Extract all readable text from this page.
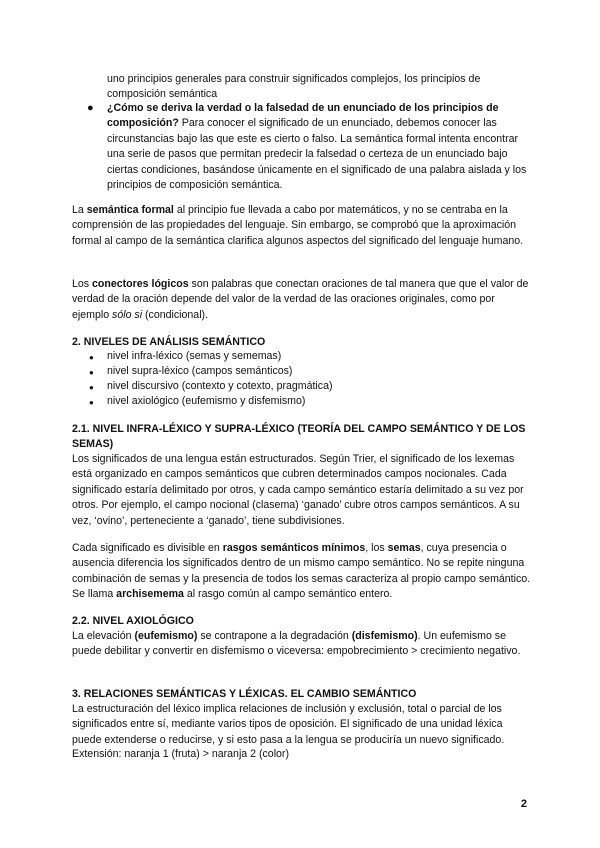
uno principios generales para construir significados complejos, los principios de composición semántica
● ¿Cómo se deriva la verdad o la falsedad de un enunciado de los principios de composición? Para conocer el significado de un enunciado, debemos conocer las circunstancias bajo las que este es cierto o falso. La semántica formal intenta encontrar una serie de pasos que permitan predecir la falsedad o certeza de un enunciado bajo ciertas condiciones, basándose únicamente en el significado de una palabra aislada y los principios de composición semántica.
La semántica formal al principio fue llevada a cabo por matemáticos, y no se centraba en la comprensión de las propiedades del lenguaje. Sin embargo, se comprobó que la aproximación formal al campo de la semántica clarifica algunos aspectos del significado del lenguaje humano.
Los conectores lógicos son palabras que conectan oraciones de tal manera que que el valor de verdad de la oración depende del valor de la verdad de las oraciones originales, como por ejemplo sólo si (condicional).
2. NIVELES DE ANÁLISIS SEMÁNTICO
● nivel infra-léxico (semas y sememas)
● nivel supra-léxico (campos semánticos)
● nivel discursivo (contexto y cotexto, pragmática)
● nivel axiológico (eufemismo y disfemismo)
2.1. NIVEL INFRA-LÉXICO Y SUPRA-LÉXICO (TEORÍA DEL CAMPO SEMÁNTICO Y DE LOS SEMAS)
Los significados de una lengua están estructurados. Según Trier, el significado de los lexemas está organizado en campos semánticos que cubren determinados campos nocionales. Cada significado estaría delimitado por otros, y cada campo semántico estaría delimitado a su vez por otros. Por ejemplo, el campo nocional (clasema) ‘ganado’ cubre otros campos semánticos. A su vez, ‘ovino’, perteneciente a ‘ganado’, tiene subdivisiones.
Cada significado es divisible en rasgos semánticos mínimos, los semas, cuya presencia o ausencia diferencia los significados dentro de un mismo campo semántico. No se repite ninguna combinación de semas y la presencia de todos los semas caracteriza al propio campo semántico. Se llama archisemema al rasgo común al campo semántico entero.
2.2. NIVEL AXIOLÓGICO
La elevación (eufemismo) se contrapone a la degradación (disfemismo). Un eufemismo se puede debilitar y convertir en disfemismo o viceversa: empobrecimiento > crecimiento negativo.
3. RELACIONES SEMÁNTICAS Y LÉXICAS. EL CAMBIO SEMÁNTICO
La estructuración del léxico implica relaciones de inclusión y exclusión, total o parcial de los significados entre sí, mediante varios tipos de oposición. El significado de una unidad léxica puede extenderse o reducirse, y si esto pasa a la lengua se produciría un nuevo significado.
Extensión: naranja 1 (fruta) > naranja 2 (color)
2
